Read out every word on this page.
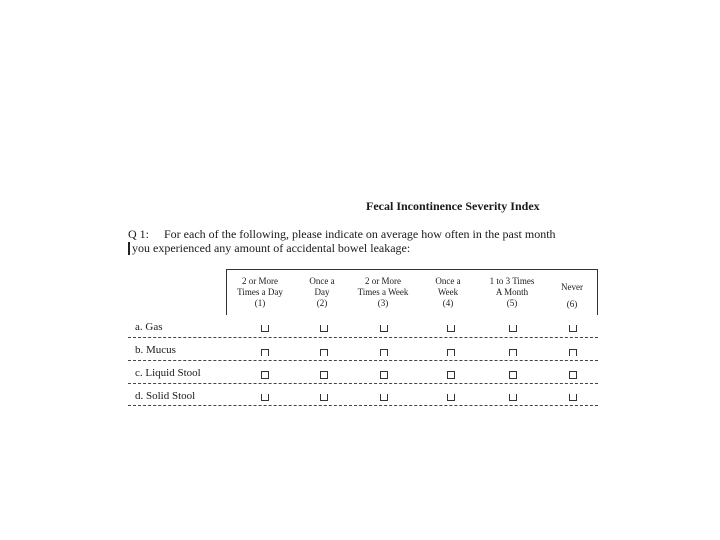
Fecal Incontinence Severity Index
Q 1: For each of the following, please indicate on average how often in the past month
you experienced any amount of accidental bowel leakage:
2 or More
Times a Day
(1)
Once a
Day
(2)
2 or More
Times a Week
(3)
Once a
Week
(4)
1 to 3 Times
A Month
(5)
Never
(6)
a. Gas
b. Mucus
c. Liquid Stool
d. Solid Stool
